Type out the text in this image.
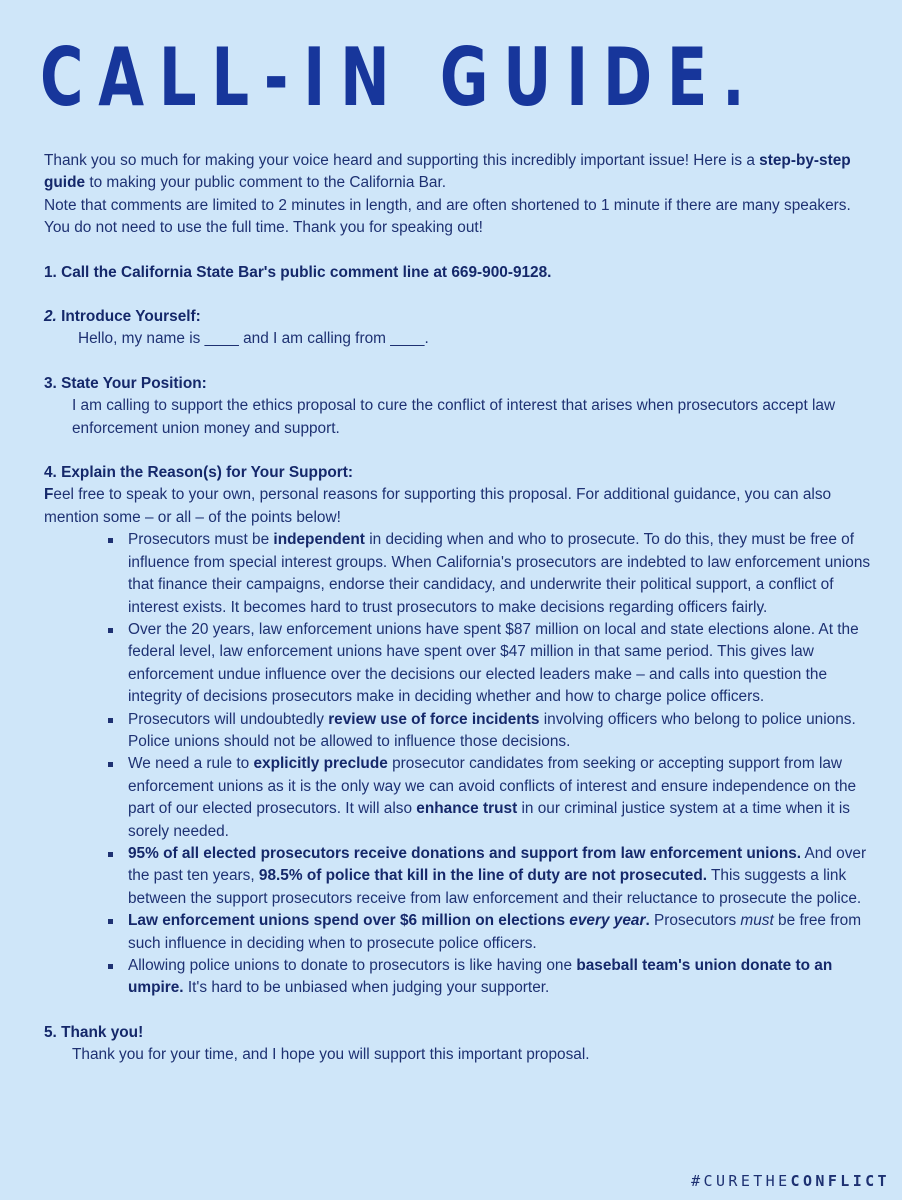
CALL-IN GUIDE.

Thank you so much for making your voice heard and supporting this incredibly important issue! Here is a step-by-step guide to making your public comment to the California Bar.

Note that comments are limited to 2 minutes in length, and are often shortened to 1 minute if there are many speakers. You do not need to use the full time. Thank you for speaking out!

1. Call the California State Bar's public comment line at 669-900-9128.

2. Introduce Yourself:

Hello, my name is ____ and I am calling from ____.

3. State Your Position:

I am calling to support the ethics proposal to cure the conflict of interest that arises when prosecutors accept law enforcement union money and support.

4. Explain the Reason(s) for Your Support:

Feel free to speak to your own, personal reasons for supporting this proposal. For additional guidance, you can also mention some – or all – of the points below!

Prosecutors must be independent in deciding when and who to prosecute. To do this, they must be free of influence from special interest groups. When California's prosecutors are indebted to law enforcement unions that finance their campaigns, endorse their candidacy, and underwrite their political support, a conflict of interest exists. It becomes hard to trust prosecutors to make decisions regarding officers fairly.
Over the 20 years, law enforcement unions have spent $87 million on local and state elections alone. At the federal level, law enforcement unions have spent over $47 million in that same period. This gives law enforcement undue influence over the decisions our elected leaders make – and calls into question the integrity of decisions prosecutors make in deciding whether and how to charge police officers.
Prosecutors will undoubtedly review use of force incidents involving officers who belong to police unions. Police unions should not be allowed to influence those decisions.
We need a rule to explicitly preclude prosecutor candidates from seeking or accepting support from law enforcement unions as it is the only way we can avoid conflicts of interest and ensure independence on the part of our elected prosecutors. It will also enhance trust in our criminal justice system at a time when it is sorely needed.
95% of all elected prosecutors receive donations and support from law enforcement unions. And over the past ten years, 98.5% of police that kill in the line of duty are not prosecuted. This suggests a link between the support prosecutors receive from law enforcement and their reluctance to prosecute the police.
Law enforcement unions spend over $6 million on elections every year. Prosecutors must be free from such influence in deciding when to prosecute police officers.
Allowing police unions to donate to prosecutors is like having one baseball team's union donate to an umpire. It's hard to be unbiased when judging your supporter.

5. Thank you!

Thank you for your time, and I hope you will support this important proposal.

#CURETHECONFLICT
